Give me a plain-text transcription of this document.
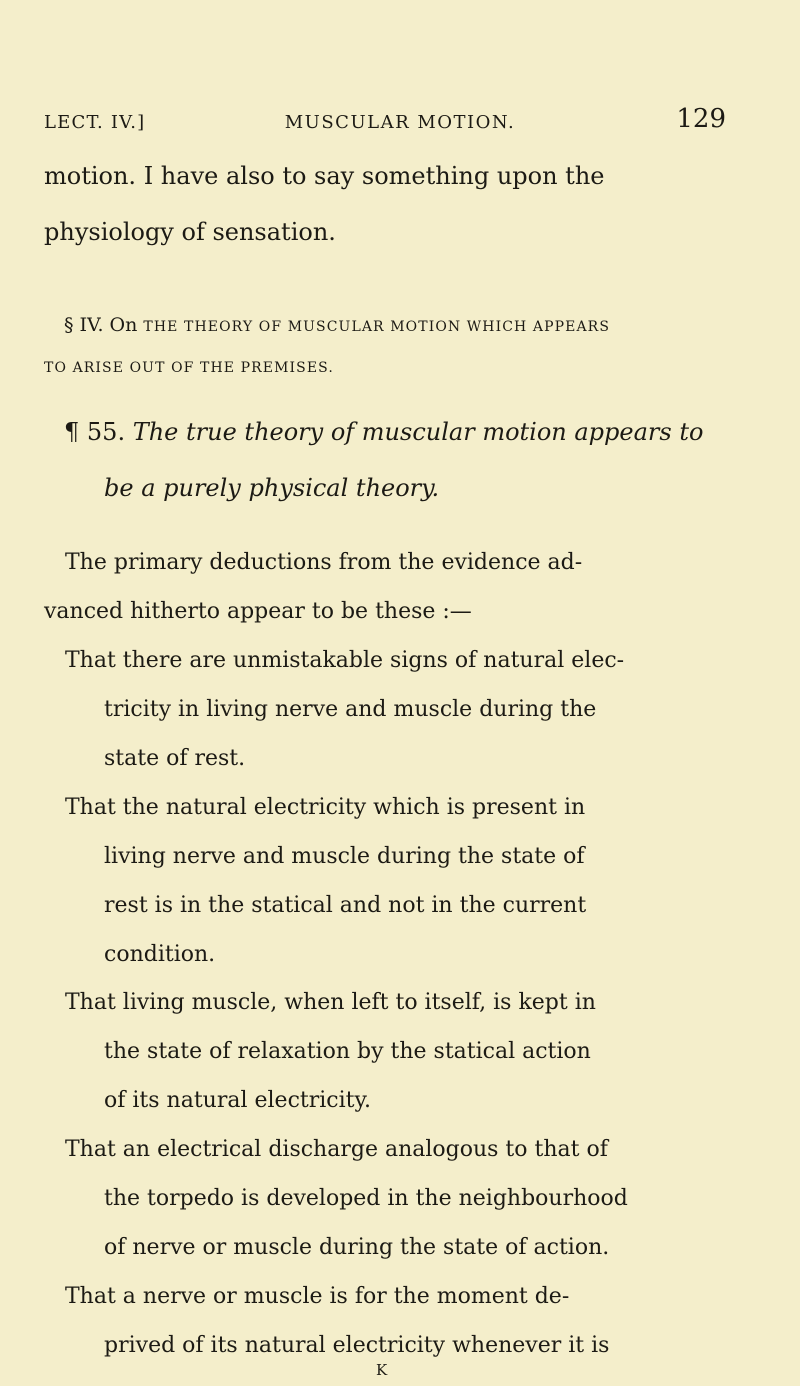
LECT. IV.]	MUSCULAR MOTION.	129
motion. I have also to say something upon the
physiology of sensation.
§ IV. On THE THEORY OF MUSCULAR MOTION WHICH APPEARS
TO ARISE OUT OF THE PREMISES.
¶ 55. The true theory of muscular motion appears to
be a purely physical theory.
The primary deductions from the evidence ad-
vanced hitherto appear to be these :—
That there are unmistakable signs of natural elec-
tricity in living nerve and muscle during the
state of rest.
That the natural electricity which is present in
living nerve and muscle during the state of
rest is in the statical and not in the current
condition.
That living muscle, when left to itself, is kept in
the state of relaxation by the statical action
of its natural electricity.
That an electrical discharge analogous to that of
the torpedo is developed in the neighbourhood
of nerve or muscle during the state of action.
That a nerve or muscle is for the moment de-
prived of its natural electricity whenever it is
K
